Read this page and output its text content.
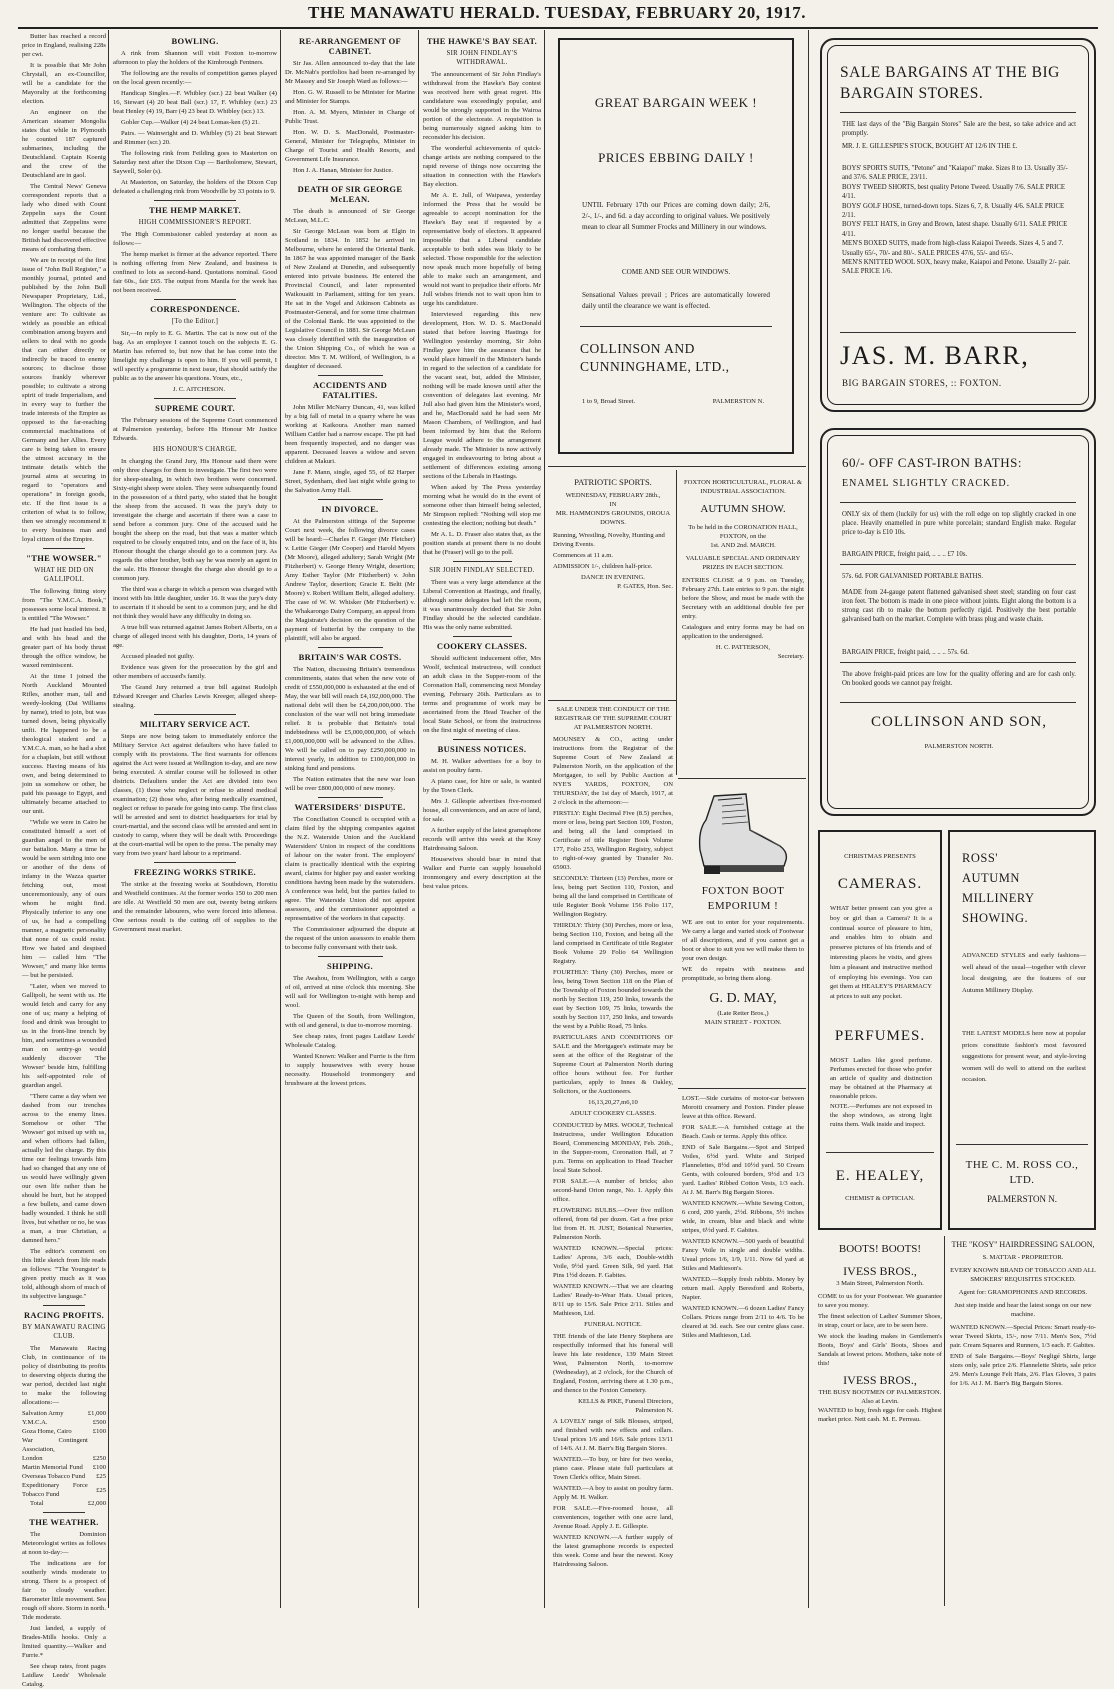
THE MANAWATU HERALD. TUESDAY, FEBRUARY 20, 1917.

Butter has reached a record price in England, realising 228s per cwt.

It is possible that Mr John Chrystall, an ex-Councillor, will be a candidate for the Mayoralty at the forthcoming election.

An engineer on the American steamer Mongolia states that while in Plymouth he counted 187 captured submarines, including the Deutschland. Captain Koenig and the crew of the Deutschland are in gaol.

The Central News' Geneva correspondent reports that a lady who dined with Count Zeppelin says the Count admitted that Zeppelins were no longer useful because the British had discovered effective means of combating them.

We are in receipt of the first issue of "John Bull Register," a monthly journal, printed and published by the John Bull Newspaper Proprietary, Ltd., Wellington. The objects of the venture are: To cultivate as widely as possible an ethical combination among buyers and sellers to deal with no goods that can either directly or indirectly be traced to enemy sources; to disclose those sources frankly wherever possible; to cultivate a strong spirit of trade Imperialism, and in every way to further the trade interests of the Empire as opposed to the far-reaching commercial machinations of Germany and her Allies. Every care is being taken to ensure the utmost accuracy in the intimate details which the journal aims at securing in regard to "operators and operations" in foreign goods, etc. If the first issue is a criterion of what is to follow, then we strongly recommend it to every business man and loyal citizen of the Empire.

"THE WOWSER."
WHAT HE DID ON GALLIPOLI.

The following fitting story from "The Y.M.C.A. Book," possesses some local interest. It is entitled "The Wowser."

He had just hustled his bed, and with his head and the greater part of his body thrust through the office window, he waxed reminiscent.

At the time I joined the North Auckland Mounted Rifles, another man, tall and weedy-looking (Dai Williams by name), tried to join, but was turned down, being physically unfit. He happened to be a theological student and a Y.M.C.A. man, so he had a shot for a chaplain, but still without success. Having means of his own, and being determined to join us somehow or other, he paid his passage to Egypt, and ultimately became attached to our unit.

"While we were in Cairo he constituted himself a sort of guardian angel to the men of our battalion. Many a time he would be seen striding into one or another of the dens of infamy in the Wazza quarter fetching out, most unceremoniously, any of ours whom he might find. Physically inferior to any one of us, he had a compelling manner, a magnetic personality that none of us could resist. How we hated and despised him — called him "The Wowser," and many like terms — but he persisted.

"Later, when we moved to Gallipoli, he went with us. He would fetch and carry for any one of us; many a helping of food and drink was brought to us in the front-line trench by him, and sometimes a wounded man on sentry-go would suddenly discover 'The Wowser' beside him, fulfilling his self-appointed role of guardian angel.

"There came a day when we dashed from our trenches across to the enemy lines. Somehow or other 'The Wowser' got mixed up with us, and when officers had fallen, actually led the charge. By this time our feelings towards him had so changed that any one of us would have willingly given our own life rather than he should be hurt, but he stopped a few bullets, and came down badly wounded. I think he still lives, but whether or no, he was a man, a true Christian, a damned hero."

The editor's comment on this little sketch from life reads as follows: "'The Youngster' is given pretty much as it was told, although shorn of much of its subjective language."

RACING PROFITS.
BY MANAWATU RACING CLUB.

The Manawatu Racing Club, in continuance of its policy of distributing its profits to deserving objects during the war period, decided last night to make the following allocations:—

Salvation Army	£1,000
Y.M.C.A.	£500
Goza Home, Cairo	£100
War Contingent Association,	
London	£250
Martin Memorial Fund	£100
Overseas Tobacco Fund	£25
Expeditionary Force Tobacco Fund	£25
Total	£2,000
THE WEATHER.

The Dominion Meteorologist writes as follows at noon to-day:—

The indications are for southerly winds moderate to strong. There is a prospect of fair to cloudy weather. Barometer little movement. Sea rough off shore. Storm in north. Tide moderate.

Just landed, a supply of Brades-Mills hooks. Only a limited quantity.—Walker and Furrie.*

See cheap rates, front pages Laidlaw Leeds' Wholesale Catalog.

BOWLING.

A rink from Shannon will visit Foxton to-morrow afternoon to play the holders of the Kimbrough Fentners.

The following are the results of competition games played on the local green recently:—

Handicap Singles.—F. Whibley (scr.) 22 beat Walker (4) 16, Stewart (4) 20 beat Ball (scr.) 17, F. Whibley (scr.) 23 beat Henley (4) 19, Barr (4) 23 beat D. Whibley (scr.) 13.

Gobler Cup.—Walker (4) 24 beat Lomas-ken (5) 21.

Pairs. — Wainwright and D. Whibley (5) 21 beat Stewart and Rimmer (scr.) 20.

The following rink from Feilding goes to Masterton on Saturday next after the Dixon Cup — Bartholomew, Stewart, Saywell, Soler (s).

At Masterton, on Saturday, the holders of the Dixon Cup defeated a challenging rink from Woodville by 33 points to 9.

THE HEMP MARKET.
HIGH COMMISSIONER'S REPORT.

The High Commissioner cabled yesterday at noon as follows:—

The hemp market is firmer at the advance reported. There is nothing offering from New Zealand, and business is confined to lots as second-hand. Quotations nominal. Good fair 60s., fair £65. The output from Manila for the week has not been received.

CORRESPONDENCE.
[To the Editor.]

Sir,—In reply to E. G. Martin. The cat is now out of the bag. As an employee I cannot touch on the subjects E. G. Martin has referred to, but now that he has come into the limelight my challenge is open to him. If you will permit, I will specify a programme in next issue, that should satisfy the public as to the answer his questions. Yours, etc.,

J. C. AITCHESON.

SUPREME COURT.

The February sessions of the Supreme Court commenced at Palmerston yesterday, before His Honour Mr Justice Edwards.

HIS HONOUR'S CHARGE.

In charging the Grand Jury, His Honour said there were only three charges for them to investigate. The first two were for sheep-stealing, in which two brothers were concerned. Sixty-eight sheep were stolen. They were subsequently found in the possession of a third party, who stated that he bought the sheep from the accused. It was the jury's duty to investigate the charge and ascertain if there was a case to send before a common jury. One of the accused said he bought the sheep on the road, but that was a matter which required to be closely enquired into, and on the face of it, his Honour thought the charge should go to a common jury. As regards the other brother, both say he was merely an agent in the sale. His Honour thought the charge also should go to a common jury.

The third was a charge in which a person was charged with incest with his little daughter, under 16. It was the jury's duty to ascertain if it should be sent to a common jury, and he did not think they would have any difficulty in doing so.

A true bill was returned against James Robert Alberts, on a charge of alleged incest with his daughter, Doris, 14 years of age.

Accused pleaded not guilty.

Evidence was given for the prosecution by the girl and other members of accused's family.

The Grand Jury returned a true bill against Rudolph Edward Kreeger and Charles Lewis Kreeger, alleged sheep-stealing.

MILITARY SERVICE ACT.

Steps are now being taken to immediately enforce the Military Service Act against defaulters who have failed to comply with its provisions. The first warrants for offences against the Act were issued at Wellington to-day, and are now being executed. A similar course will be followed in other districts. Defaulters under the Act are divided into two classes, (1) those who neglect or refuse to attend medical examination; (2) those who, after being medically examined, neglect or refuse to parade for going into camp. The first class will be arrested and sent to district headquarters for trial by court-martial, and the second class will be arrested and sent in custody to camp, where they will be dealt with. Proceedings at the court-martial will be open to the press. The penalty may vary from two years' hard labour to a reprimand.

FREEZING WORKS STRIKE.

The strike at the freezing works at Southdown, Horotiu and Westfield continues. At the former works 150 to 200 men are idle. At Westfield 50 men are out, twenty being strikers and the remainder labourers, who were forced into idleness. One serious result is the cutting off of supplies to the Government meat market.

RE-ARRANGEMENT OF CABINET.

Sir Jas. Allen announced to-day that the late Dr. McNab's portfolios had been re-arranged by Mr Massey and Sir Joseph Ward as follows:—

Hon. G. W. Russell to be Minister for Marine and Minister for Stamps.

Hon. A. M. Myers, Minister in Charge of Public Trust.

Hon. W. D. S. MacDonald, Postmaster-General, Minister for Telegraphs, Minister in Charge of Tourist and Health Resorts, and Government Life Insurance.

Hon J. A. Hanan, Minister for Justice.

DEATH OF SIR GEORGE McLEAN.

The death is announced of Sir George McLean, M.L.C.

Sir George McLean was born at Elgin in Scotland in 1834. In 1852 he arrived in Melbourne, where he entered the Oriental Bank. In 1867 he was appointed manager of the Bank of New Zealand at Dunedin, and subsequently entered into private business. He entered the Provincial Council, and later represented Waikouaiti in Parliament, sitting for ten years. He sat in the Vogel and Atkinson Cabinets as Postmaster-General, and for some time chairman of the Colonial Bank. He was appointed to the Legislative Council in 1881. Sir George McLean was closely identified with the inauguration of the Union Shipping Co., of which he was a director. Mrs T. M. Wilford, of Wellington, is a daughter of deceased.

ACCIDENTS AND FATALITIES.

John Miller McNarry Duncan, 41, was killed by a big fall of metal in a quarry where he was working at Kaikoura. Another man named William Cattler had a narrow escape. The pit had been frequently inspected, and no danger was apparent. Deceased leaves a widow and seven children at Makuri.

Jane F. Mann, single, aged 55, of 82 Harper Street, Sydenham, died last night while going to the Salvation Army Hall.

IN DIVORCE.

At the Palmerston sittings of the Supreme Court next week, the following divorce cases will be heard:—Charles F. Gieger (Mr Fletcher) v. Lettie Gieger (Mr Cooper) and Harold Myers (Mr Moore), alleged adultery; Sarah Wright (Mr Fitzherbert) v. George Henry Wright, desertion; Amy Esther Taylor (Mr Fitzherbert) v. John Andrew Taylor, desertion; Gracie E. Beltt (Mr Moore) v. Robert William Beltt, alleged adultery. The case of W. W. Whisker (Mr Fitzherbert) v. the Whakarongo Dairy Company, an appeal from the Magistrate's decision on the question of the payment of butterfat by the company to the plaintiff, will also be argued.

BRITAIN'S WAR COSTS.

The Nation, discussing Britain's tremendous commitments, states that when the new vote of credit of £550,000,000 is exhausted at the end of May, the war bill will reach £4,192,000,000. The national debt will then be £4,200,000,000. The conclusion of the war will not bring immediate relief. It is probable that Britain's total indebtedness will be £5,000,000,000, of which £1,000,000,000 will be advanced to the Allies. We will be called on to pay £250,000,000 in interest yearly, in addition to £100,000,000 in sinking fund and pensions.

The Nation estimates that the new war loan will be over £800,000,000 of new money.

WATERSIDERS' DISPUTE.

The Conciliation Council is occupied with a claim filed by the shipping companies against the N.Z. Waterside Union and the Auckland Watersiders' Union in respect of the conditions of labour on the water front. The employers' claim is practically identical with the expiring award, claims for higher pay and easier working conditions having been made by the watersiders. A conference was held, but the parties failed to agree. The Waterside Union did not appoint assessors, and the commissioner appointed a representative of the workers in that capacity.

The Commissioner adjourned the dispute at the request of the union assessors to enable them to become fully conversant with their task.

SHIPPING.

The Awahou, from Wellington, with a cargo of oil, arrived at nine o'clock this morning. She will sail for Wellington to-night with hemp and wool.

The Queen of the South, from Wellington, with oil and general, is due to-morrow morning.

See cheap rates, front pages Laidlaw Leeds' Wholesale Catalog.

Wanted Known: Walker and Furrie is the firm to supply housewives with every house necessity. Household ironmongery and brushware at the lowest prices.

THE HAWKE'S BAY SEAT.
SIR JOHN FINDLAY'S WITHDRAWAL.

The announcement of Sir John Findlay's withdrawal from the Hawke's Bay contest was received here with great regret. His candidature was exceedingly popular, and would be strongly supported in the Wairoa portion of the electorate. A requisition is being numerously signed asking him to reconsider his decision.

The wonderful achievements of quick-change artists are nothing compared to the rapid reverse of things now occurring the situation in connection with the Hawke's Bay election.

Mr A. E. Jull, of Waipawa, yesterday informed the Press that he would be agreeable to accept nomination for the Hawke's Bay seat if requested by a representative body of electors. It appeared impossible that a Liberal candidate acceptable to both sides was likely to be selected. Those responsible for the selection now speak much more hopefully of being able to make such an arrangement, and would not want to prejudice their efforts. Mr Jull wishes friends not to wait upon him to urge his candidature.

Interviewed regarding this new development, Hon. W. D. S. MacDonald stated that before leaving Hastings for Wellington yesterday morning, Sir John Findlay gave him the assurance that he would place himself in the Minister's hands in regard to the selection of a candidate for the vacant seat, but, added the Minister, nothing will be made known until after the convention of delegates last evening. Mr Jull also had given him the Minister's word, and he, MacDonald said he had seen Mr Mason Chambers, of Wellington, and had been informed by him that the Reform League would adhere to the arrangement already made. The Minister is now actively engaged in endeavouring to bring about a settlement of differences existing among sections of the Liberals in Hastings.

When asked by The Press yesterday morning what he would do in the event of someone other than himself being selected, Mr Simpson replied: "Nothing will stop me contesting the election; nothing but death."

Mr A. L. D. Fraser also states that, as the position stands at present there is no doubt that he (Fraser) will go to the poll.

SIR JOHN FINDLAY SELECTED.

There was a very large attendance at the Liberal Convention at Hastings, and finally, although some delegates had left the room, it was unanimously decided that Sir John Findlay should be the selected candidate. His was the only name submitted.

COOKERY CLASSES.

Should sufficient inducement offer, Mrs Woolf, technical instructress, will conduct an adult class in the Supper-room of the Coronation Hall, commencing next Monday evening, February 26th. Particulars as to terms and programme of work may be ascertained from the Head Teacher of the local State School, or from the instructress on the first night of meeting of class.

BUSINESS NOTICES.

M. H. Walker advertises for a boy to assist on poultry farm.

A piano case, for hire or sale, is wanted by the Town Clerk.

Mrs J. Gillespie advertises five-roomed house, all conveniences, and an acre of land, for sale.

A further supply of the latest gramaphone records will arrive this week at the Kosy Hairdressing Saloon.

Housewives should bear in mind that Walker and Furrie can supply household ironmongery and every description at the best value prices.

GREAT BARGAIN WEEK !
PRICES EBBING DAILY !
UNTIL February 17th our Prices are coming down daily; 2/6, 2/-, 1/-, and 6d. a day according to original values. We positively mean to clear all Summer Frocks and Millinery in our windows.
COME AND SEE OUR WINDOWS.
Sensational Values prevail ; Prices are automatically lowered daily until the clearance we want is effected.
COLLINSON AND CUNNINGHAME, LTD.,
1 to 9, Broad Street.	PALMERSTON N.
PATRIOTIC SPORTS.
WEDNESDAY, FEBRUARY 28th.,
IN
MR. HAMMOND'S GROUNDS, OROUA DOWNS.

Running, Wrestling, Novelty, Hunting and Driving Events.

Commences at 11 a.m.

ADMISSION 1/-, children half-price.

DANCE IN EVENING.
P. GATES, Hon. Sec.
FOXTON HORTICULTURAL, FLORAL & INDUSTRIAL ASSOCIATION.
AUTUMN SHOW.
To be held in the CORONATION HALL, FOXTON, on the
1st. AND 2nd. MARCH.
VALUABLE SPECIAL AND ORDINARY PRIZES IN EACH SECTION.

ENTRIES CLOSE at 9 p.m. on Tuesday, February 27th. Late entries to 9 p.m. the night before the Show, and must be made with the Secretary with an additional double fee per entry.

Catalogues and entry forms may be had on application to the undersigned.

H. C. PATTERSON,
Secretary.
SALE UNDER THE CONDUCT OF THE REGISTRAR OF THE SUPREME COURT AT PALMERSTON NORTH.

MOUNSEY & CO., acting under instructions from the Registrar of the Supreme Court of New Zealand at Palmerston North, on the application of the Mortgagee, to sell by Public Auction at NYE'S YARDS, FOXTON, ON THURSDAY, the 1st day of March, 1917, at 2 o'clock in the afternoon:—

FIRSTLY: Eight Decimal Five (8.5) perches, more or less, being part Section 109, Foxton, and being all the land comprised in Certificate of title Register Book Volume 177, Folio 253, Wellington Registry, subject to right-of-way granted by Transfer No. 65903.

SECONDLY: Thirteen (13) Perches, more or less, being part Section 110, Foxton, and being all the land comprised in Certificate of title Register Book Volume 156 Folio 117, Wellington Registry.

THIRDLY: Thirty (30) Perches, more or less, being Section 110, Foxton, and being all the land comprised in Certificate of title Register Book Volume 29 Folio 64 Wellington Registry.

FOURTHLY: Thirty (30) Perches, more or less, being Town Section 118 on the Plan of the Township of Foxton bounded towards the north by Section 119, 250 links, towards the east by Section 109, 75 links, towards the south by Section 117, 250 links, and towards the west by a Public Road, 75 links.

PARTICULARS AND CONDITIONS OF SALE and the Mortgagee's estimate may be seen at the office of the Registrar of the Supreme Court at Palmerston North during office hours without fee. For further particulars, apply to Innes & Oakley, Solicitors, or the Auctioneers.

16,13,20,27,m6,10

ADULT COOKERY CLASSES.

CONDUCTED by MRS. WOOLF, Technical Instructress, under Wellington Education Board, Commencing MONDAY, Feb. 26th., in the Supper-room, Coronation Hall, at 7 p.m. Terms on application to Head Teacher local State School.

FOR SALE.—A number of bricks; also second-hand Orion range, No. 1. Apply this office.

FLOWERING BULBS.—Over five million offered, from 6d per dozen. Get a free price list from H. H. JUST, Botanical Nurseries, Palmerston North.

WANTED KNOWN.—Special prices: Ladies' Aprons, 3/6 each, Double-width Voile, 9½d yard. Green Silk, 9d yard. Hat Pins 1½d dozen. F. Gabites.

WANTED KNOWN.—That we are clearing Ladies' Ready-to-Wear Hats. Usual prices, 8/11 up to 15/6. Sale Price 2/11. Stiles and Mathieson, Ltd.

FUNERAL NOTICE.

THE friends of the late Henry Stephens are respectfully informed that his funeral will leave his late residence, 139 Main Street West, Palmerston North, to-morrow (Wednesday), at 2 o'clock, for the Church of England, Foxton, arriving there at 1.30 p.m., and thence to the Foxton Cemetery.

KELLS & PIKE, Funeral Directors, Palmerston N.

A LOVELY range of Silk Blouses, striped, and finished with new effects and collars. Usual prices 1/6 and 16/6. Sale prices 13/11 of 14/6. At J. M. Barr's Big Bargain Stores.

WANTED.—To buy, or hire for two weeks, piano case. Please state full particulars at Town Clerk's office, Main Street.

WANTED.—A boy to assist on poultry farm. Apply M. H. Walker.

FOR SALE.—Five-roomed house, all conveniences, together with one acre land, Avenue Road. Apply J. E. Gillespie.

WANTED KNOWN.—A further supply of the latest gramaphone records is expected this week. Come and hear the newest. Kosy Hairdressing Saloon.

FOXTON BOOT EMPORIUM !

WE are out to enter for your requirements. We carry a large and varied stock of Footwear of all descriptions, and if you cannot get a boot or shoe to suit you we will make them to your own design.

WE do repairs with neatness and promptitude, so bring them along.

G. D. MAY,
(Late Retter Bros.,)
MAIN STREET - FOXTON.

LOST.—Side curtains of motor-car between Moroiti creamery and Foxton. Finder please leave at this office. Reward.

FOR SALE.—A furnished cottage at the Beach. Cash or terms. Apply this office.

END of Sale Bargains.—Spot and Striped Voiles, 6½d yard. White and Striped Flannelettes, 8½d and 10½d yard. 50 Cream Gents, with coloured borders, 9½d and 1/3 yard. Ladies' Ribbed Cotton Vests, 1/3 each. At J. M. Barr's Big Bargain Stores.

WANTED KNOWN.—White Sewing Cotton, 6 cord, 200 yards, 2½d. Ribbons, 5½ inches wide, in cream, blue and black and white stripes, 6½d yard. F. Gabites.

WANTED KNOWN.—500 yards of beautiful Fancy Voile in single and double widths. Usual prices 1/6, 1/9, 1/11. Now 6d yard at Stiles and Mathieson's.

WANTED.—Supply fresh rabbits. Money by return mail. Apply Beresford and Roberts, Napier.

WANTED KNOWN.—6 dozen Ladies' Fancy Collars. Prices range from 2/11 to 4/6. To be cleared at 3d. each. See our centre glass case. Stiles and Mathieson, Ltd.

SALE BARGAINS AT THE BIG BARGAIN STORES.
THE last days of the "Big Bargain Stores" Sale are the best, so take advice and act promptly.
MR. J. E. GILLESPIE'S STOCK, BOUGHT AT 12/6 IN THE £.
BOYS' SPORTS SUITS, "Petone" and "Kaiapoi" make. Sizes 8 to 13. Usually 35/- and 37/6. SALE PRICE, 23/11.
BOYS' TWEED SHORTS, best quality Petone Tweed. Usually 7/6. SALE PRICE 4/11.
BOYS' GOLF HOSE, turned-down tops. Sizes 6, 7, 8. Usually 4/6. SALE PRICE 2/11.
BOYS' FELT HATS, in Grey and Brown, latest shape. Usually 6/11. SALE PRICE 4/11.
MEN'S BOXED SUITS, made from high-class Kaiapoi Tweeds. Sizes 4, 5 and 7. Usually 65/-, 70/- and 80/-. SALE PRICES 47/6, 55/- and 65/-.
MEN'S KNITTED WOOL SOX, heavy make, Kaiapoi and Petone. Usually 2/- pair. SALE PRICE 1/6.
JAS. M. BARR,
BIG BARGAIN STORES, :: FOXTON.
60/- OFF CAST-IRON BATHS:
ENAMEL SLIGHTLY CRACKED.
ONLY six of them (luckily for us) with the roll edge on top slightly cracked in one place. Heavily enamelled in pure white porcelain; standard English make. Regular price to-day is £10 10s.
BARGAIN PRICE, freight paid, .. .. .. £7 10s.
57s. 6d. FOR GALVANISED PORTABLE BATHS.
MADE from 24-gauge patent flattened galvanised sheet steel; standing on four cast iron feet. The bottom is made in one piece without joints. Eight along the bottom is a strong cast rib to make the bottom perfectly rigid. Positively the best portable galvanised bath on the market. Complete with brass plug and waste chain.
BARGAIN PRICE, freight paid, .. .. .. 57s. 6d.
The above freight-paid prices are low for the quality offering and are for cash only. On booked goods we cannot pay freight.
COLLINSON AND SON,
PALMERSTON NORTH.
CHRISTMAS PRESENTS
CAMERAS.
WHAT better present can you give a boy or girl than a Camera? It is a continual source of pleasure to him, and enables him to obtain and preserve pictures of his friends and of interesting places he visits, and gives him a pleasant and instructive method of employing his evenings. You can get them at HEALEY'S PHARMACY at prices to suit any pocket.
PERFUMES.
MOST Ladies like good perfume. Perfumes erected for those who prefer an article of quality and distinction may be obtained at the Pharmacy at reasonable prices.
NOTE.—Perfumes are not exposed in the shop windows, as strong light ruins them. Walk inside and inspect.
E. HEALEY,
CHEMIST & OPTICIAN.
ROSS'
AUTUMN
MILLINERY
SHOWING.
ADVANCED STYLES and early fashions—well ahead of the usual—together with clever local designing, are the features of our Autumn Millinery Display.
THE LATEST MODELS here now at popular prices constitute fashion's most favoured suggestions for present wear, and style-loving women will do well to attend on the earliest occasion.
THE C. M. ROSS CO., LTD.
PALMERSTON N.
BOOTS! BOOTS!
IVESS BROS.,
3 Main Street, Palmerston North.

COME to us for your Footwear. We guarantee to save you money.

The finest selection of Ladies' Summer Shoes, in strap, court or lace, are to be seen here.

We stock the leading makes in Gentlemen's Boots, Boys' and Girls' Boots, Shoes and Sandals at lowest prices. Mothers, take note of this!

IVESS BROS.,
THE BUSY BOOTMEN OF PALMERSTON.
Also at Levin.

WANTED to buy, fresh eggs for cash. Highest market price. Nett cash. M. E. Perreau.

THE "KOSY" HAIRDRESSING SALOON,
S. MATTAR - PROPRIETOR.
EVERY KNOWN BRAND OF TOBACCO AND ALL SMOKERS' REQUISITES STOCKED.
Agent for: GRAMOPHONES AND RECORDS.
Just step inside and hear the latest songs on our new machine.

WANTED KNOWN.—Special Prices: Smart ready-to-wear Tweed Skirts, 15/-, now 7/11. Men's Sox, 7½d pair. Cream Squares and Runners, 1/3 each. F. Gabites.

END of Sale Bargains.—Boys' Negligé Shirts, large sizes only, sale price 2/6. Flannelette Shirts, sale price 2/9. Men's Lounge Felt Hats, 2/6. Flax Gloves, 3 pairs for 1/6. At J. M. Barr's Big Bargain Stores.
